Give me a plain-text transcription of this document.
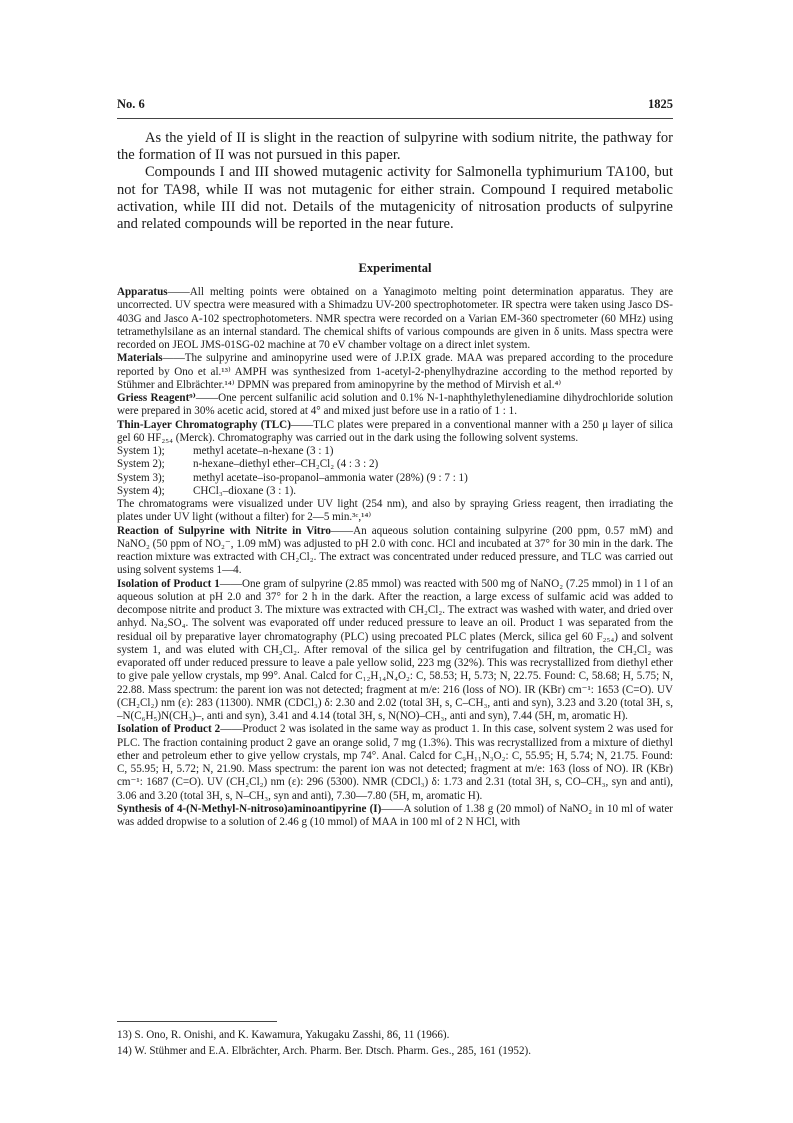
No. 6	1825

As the yield of II is slight in the reaction of sulpyrine with sodium nitrite, the pathway for the formation of II was not pursued in this paper.

Compounds I and III showed mutagenic activity for Salmonella typhimurium TA100, but not for TA98, while II was not mutagenic for either strain. Compound I required metabolic activation, while III did not. Details of the mutagenicity of nitrosation products of sulpyrine and related compounds will be reported in the near future.

Experimental

Apparatus——All melting points were obtained on a Yanagimoto melting point determination apparatus. They are uncorrected. UV spectra were measured with a Shimadzu UV-200 spectrophotometer. IR spectra were taken using Jasco DS-403G and Jasco A-102 spectrophotometers. NMR spectra were recorded on a Varian EM-360 spectrometer (60 MHz) using tetramethylsilane as an internal standard. The chemical shifts of various compounds are given in δ units. Mass spectra were recorded on JEOL JMS-01SG-02 machine at 70 eV chamber voltage on a direct inlet system.

Materials——The sulpyrine and aminopyrine used were of J.P.IX grade. MAA was prepared according to the procedure reported by Ono et al.¹³⁾ AMPH was synthesized from 1-acetyl-2-phenylhydrazine according to the method reported by Stühmer and Elbrächter.¹⁴⁾ DPMN was prepared from aminopyrine by the method of Mirvish et al.⁴⁾

Griess Reagent⁹⁾——One percent sulfanilic acid solution and 0.1% N-1-naphthylethylenediamine dihydrochloride solution were prepared in 30% acetic acid, stored at 4° and mixed just before use in a ratio of 1 : 1.

Thin-Layer Chromatography (TLC)——TLC plates were prepared in a conventional manner with a 250 μ layer of silica gel 60 HF₂₅₄ (Merck). Chromatography was carried out in the dark using the following solvent systems.

System 1);	methyl acetate–n-hexane (3 : 1)
System 2);	n-hexane–diethyl ether–CH₂Cl₂ (4 : 3 : 2)
System 3);	methyl acetate–iso-propanol–ammonia water (28%) (9 : 7 : 1)
System 4);	CHCl₃–dioxane (3 : 1).

The chromatograms were visualized under UV light (254 nm), and also by spraying Griess reagent, then irradiating the plates under UV light (without a filter) for 2—5 min.³ᶜ,¹⁴⁾

Reaction of Sulpyrine with Nitrite in Vitro——An aqueous solution containing sulpyrine (200 ppm, 0.57 mM) and NaNO₂ (50 ppm of NO₂⁻, 1.09 mM) was adjusted to pH 2.0 with conc. HCl and incubated at 37° for 30 min in the dark. The reaction mixture was extracted with CH₂Cl₂. The extract was concentrated under reduced pressure, and TLC was carried out using solvent systems 1—4.

Isolation of Product 1——One gram of sulpyrine (2.85 mmol) was reacted with 500 mg of NaNO₂ (7.25 mmol) in 1 l of an aqueous solution at pH 2.0 and 37° for 2 h in the dark. After the reaction, a large excess of sulfamic acid was added to decompose nitrite and product 3. The mixture was extracted with CH₂Cl₂. The extract was washed with water, and dried over anhyd. Na₂SO₄. The solvent was evaporated off under reduced pressure to leave an oil. Product 1 was separated from the residual oil by preparative layer chromatography (PLC) using precoated PLC plates (Merck, silica gel 60 F₂₅₄) and solvent system 1, and was eluted with CH₂Cl₂. After removal of the silica gel by centrifugation and filtration, the CH₂Cl₂ was evaporated off under reduced pressure to leave a pale yellow solid, 223 mg (32%). This was recrystallized from diethyl ether to give pale yellow crystals, mp 99°. Anal. Calcd for C₁₂H₁₄N₄O₂: C, 58.53; H, 5.73; N, 22.75. Found: C, 58.68; H, 5.75; N, 22.88. Mass spectrum: the parent ion was not detected; fragment at m/e: 216 (loss of NO). IR (KBr) cm⁻¹: 1653 (C=O). UV (CH₂Cl₂) nm (ε): 283 (11300). NMR (CDCl₃) δ: 2.30 and 2.02 (total 3H, s, C–CH₃, anti and syn), 3.23 and 3.20 (total 3H, s, –N(C₆H₅)N(CH₃)–, anti and syn), 3.41 and 4.14 (total 3H, s, N(NO)–CH₃, anti and syn), 7.44 (5H, m, aromatic H).

Isolation of Product 2——Product 2 was isolated in the same way as product 1. In this case, solvent system 2 was used for PLC. The fraction containing product 2 gave an orange solid, 7 mg (1.3%). This was recrystallized from a mixture of diethyl ether and petroleum ether to give yellow crystals, mp 74°. Anal. Calcd for C₉H₁₁N₃O₂: C, 55.95; H, 5.74; N, 21.75. Found: C, 55.95; H, 5.72; N, 21.90. Mass spectrum: the parent ion was not detected; fragment at m/e: 163 (loss of NO). IR (KBr) cm⁻¹: 1687 (C=O). UV (CH₂Cl₂) nm (ε): 296 (5300). NMR (CDCl₃) δ: 1.73 and 2.31 (total 3H, s, CO–CH₃, syn and anti), 3.06 and 3.20 (total 3H, s, N–CH₃, syn and anti), 7.30—7.80 (5H, m, aromatic H).

Synthesis of 4-(N-Methyl-N-nitroso)aminoantipyrine (I)——A solution of 1.38 g (20 mmol) of NaNO₂ in 10 ml of water was added dropwise to a solution of 2.46 g (10 mmol) of MAA in 100 ml of 2 N HCl, with

13) S. Ono, R. Onishi, and K. Kawamura, Yakugaku Zasshi, 86, 11 (1966).
14) W. Stühmer and E.A. Elbrächter, Arch. Pharm. Ber. Dtsch. Pharm. Ges., 285, 161 (1952).
